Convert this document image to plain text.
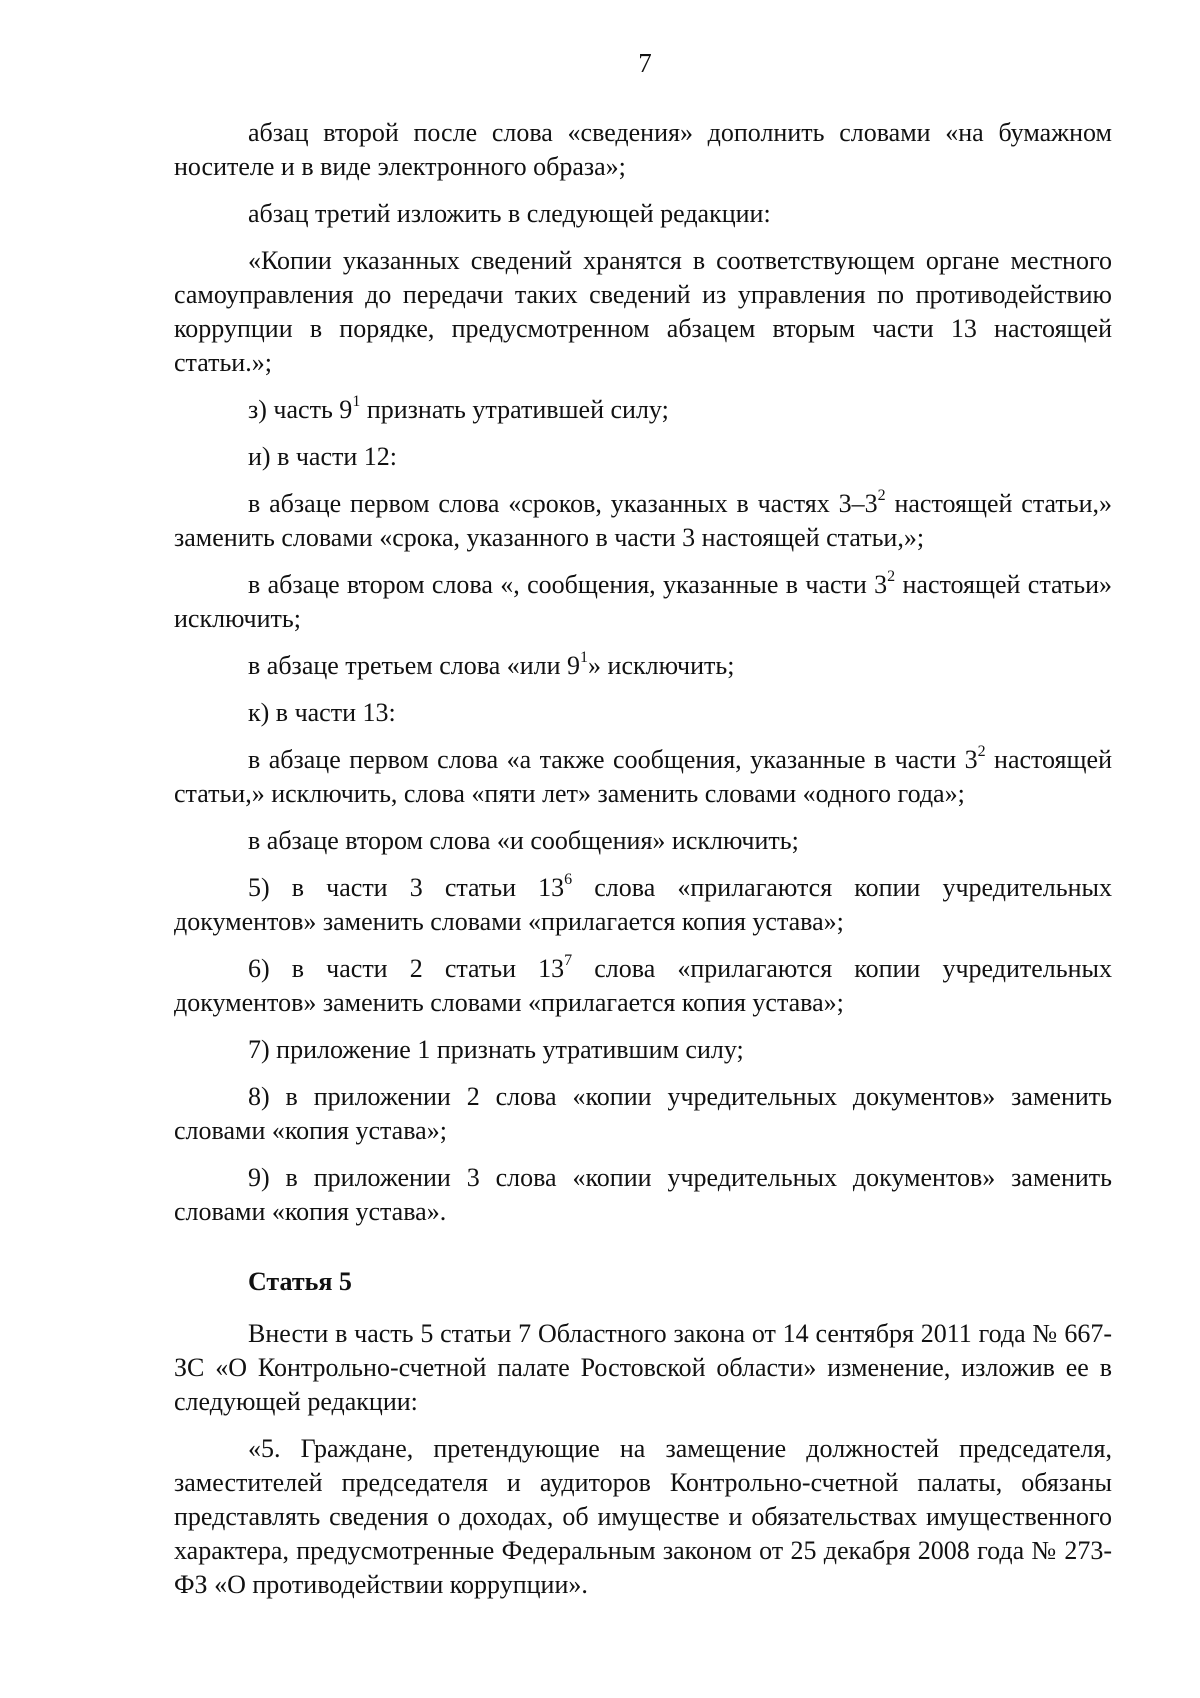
7

абзац второй после слова «сведения» дополнить словами «на бумажном носителе и в виде электронного образа»;

абзац третий изложить в следующей редакции:

«Копии указанных сведений хранятся в соответствующем органе местного самоуправления до передачи таких сведений из управления по противодействию коррупции в порядке, предусмотренном абзацем вторым части 13 настоящей статьи.»;

з) часть $9^1$ признать утратившей силу;

и) в части 12:

в абзаце первом слова «сроков, указанных в частях $3-3^2$ настоящей статьи,» заменить словами «срока, указанного в части 3 настоящей статьи,»;

в абзаце втором слова «, сообщения, указанные в части $3^2$ настоящей статьи» исключить;

в абзаце третьем слова «или $9^1$» исключить;

к) в части 13:

в абзаце первом слова «а также сообщения, указанные в части $3^2$ настоящей статьи,» исключить, слова «пяти лет» заменить словами «одного года»;

в абзаце втором слова «и сообщения» исключить;

5) в части 3 статьи $13^6$ слова «прилагаются копии учредительных документов» заменить словами «прилагается копия устава»;

6) в части 2 статьи $13^7$ слова «прилагаются копии учредительных документов» заменить словами «прилагается копия устава»;

7) приложение 1 признать утратившим силу;

8) в приложении 2 слова «копии учредительных документов» заменить словами «копия устава»;

9) в приложении 3 слова «копии учредительных документов» заменить словами «копия устава».

Статья 5

Внести в часть 5 статьи 7 Областного закона от 14 сентября 2011 года № 667-ЗС «О Контрольно-счетной палате Ростовской области» изменение, изложив ее в следующей редакции:

«5. Граждане, претендующие на замещение должностей председателя, заместителей председателя и аудиторов Контрольно-счетной палаты, обязаны представлять сведения о доходах, об имуществе и обязательствах имущественного характера, предусмотренные Федеральным законом от 25 декабря 2008 года № 273-ФЗ «О противодействии коррупции».
